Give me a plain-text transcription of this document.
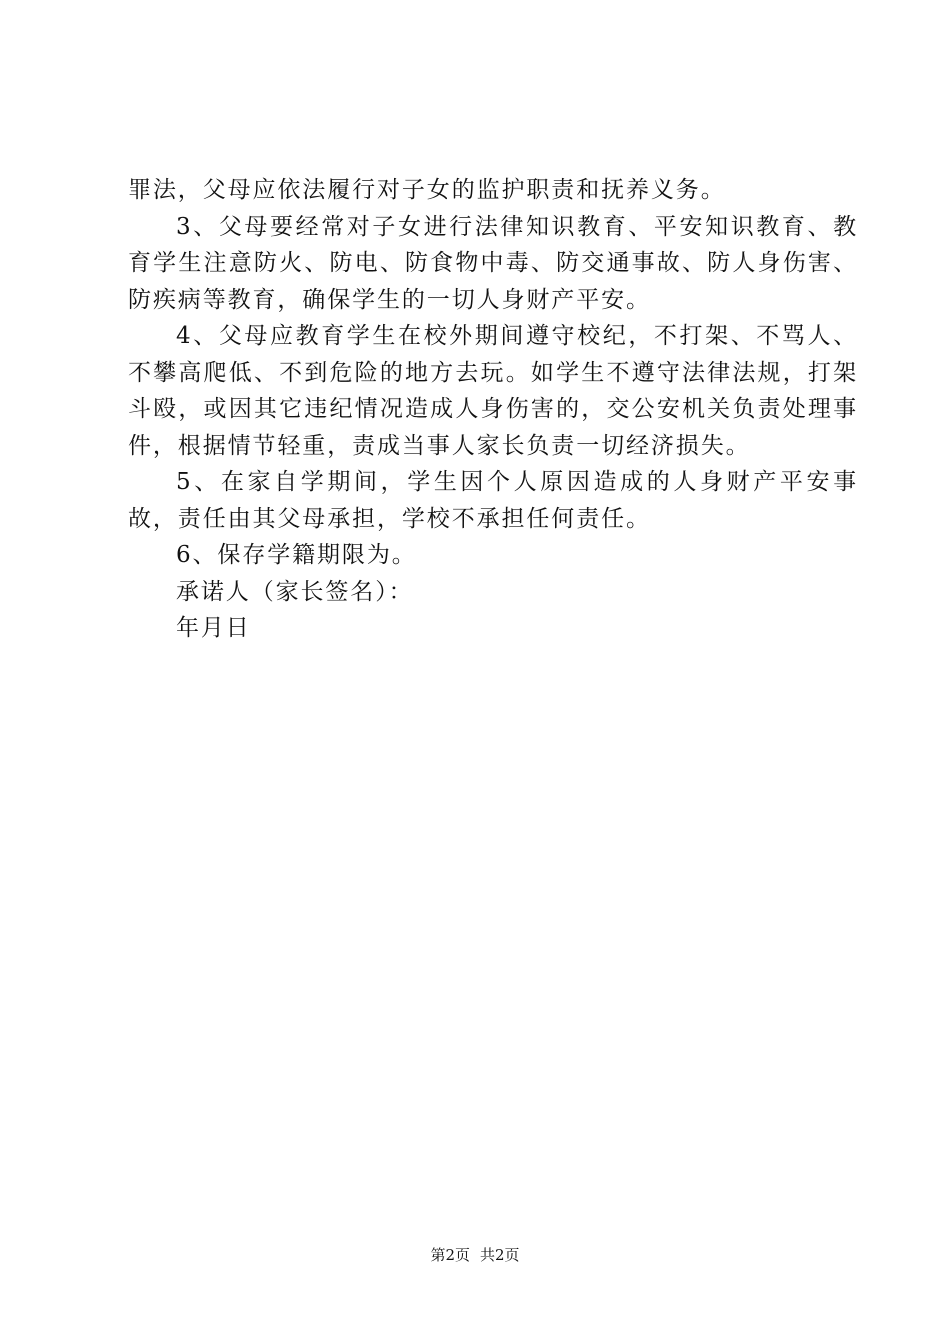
罪法，父母应依法履行对子女的监护职责和抚养义务。

3、父母要经常对子女进行法律知识教育、平安知识教育、教育学生注意防火、防电、防食物中毒、防交通事故、防人身伤害、防疾病等教育，确保学生的一切人身财产平安。

4、父母应教育学生在校外期间遵守校纪，不打架、不骂人、不攀高爬低、不到危险的地方去玩。如学生不遵守法律法规，打架斗殴，或因其它违纪情况造成人身伤害的，交公安机关负责处理事件，根据情节轻重，责成当事人家长负责一切经济损失。

5、在家自学期间，学生因个人原因造成的人身财产平安事故，责任由其父母承担，学校不承担任何责任。

6、保存学籍期限为。

承诺人（家长签名）：

年月日

第2页 共2页
